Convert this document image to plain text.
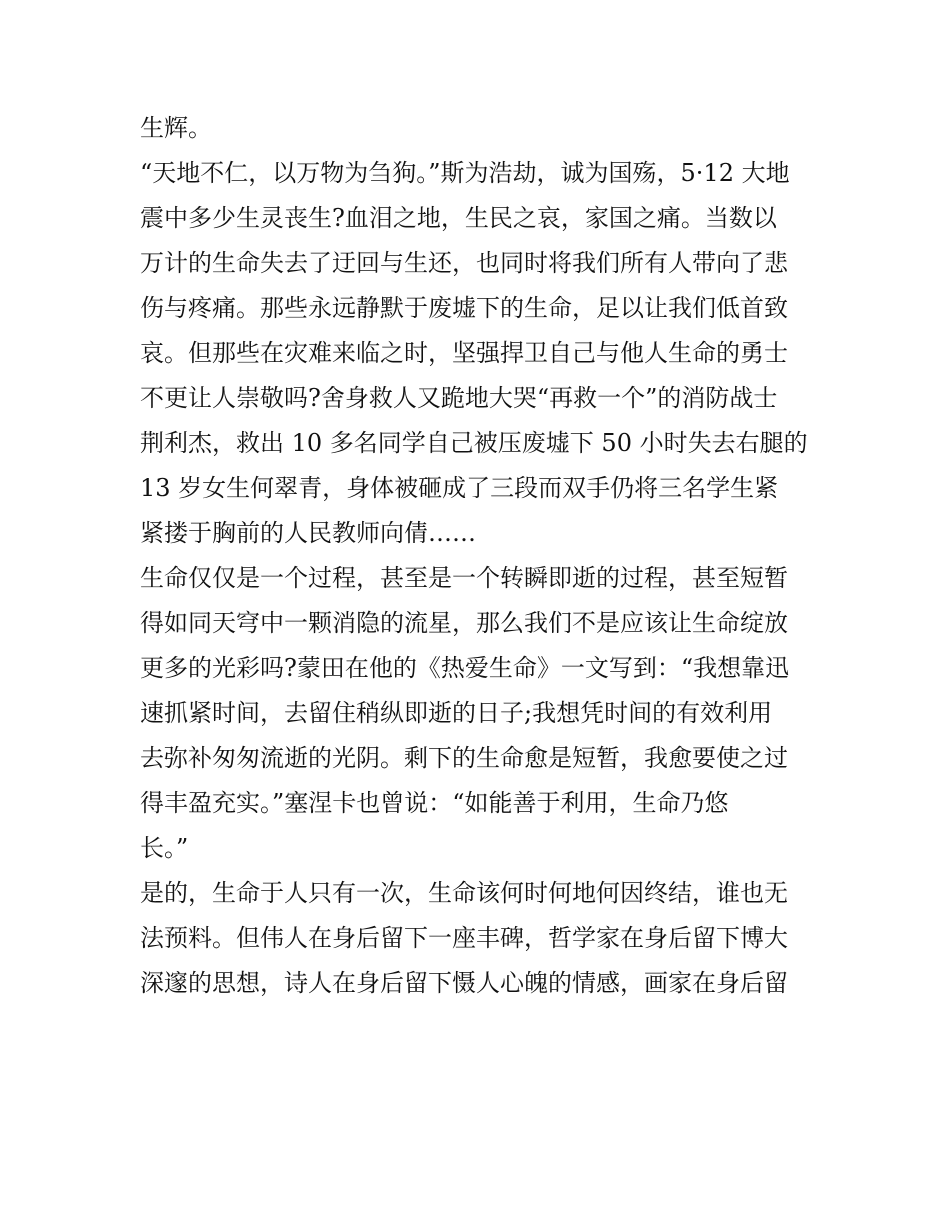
生辉。
“天地不仁，以万物为刍狗。”斯为浩劫，诚为国殇，5·12 大地
震中多少生灵丧生?血泪之地，生民之哀，家国之痛。当数以
万计的生命失去了迂回与生还，也同时将我们所有人带向了悲
伤与疼痛。那些永远静默于废墟下的生命，足以让我们低首致
哀。但那些在灾难来临之时，坚强捍卫自己与他人生命的勇士
不更让人崇敬吗?舍身救人又跪地大哭“再救一个”的消防战士
荆利杰，救出 10 多名同学自己被压废墟下 50 小时失去右腿的
13 岁女生何翠青，身体被砸成了三段而双手仍将三名学生紧
紧搂于胸前的人民教师向倩……
生命仅仅是一个过程，甚至是一个转瞬即逝的过程，甚至短暂
得如同天穹中一颗消隐的流星，那么我们不是应该让生命绽放
更多的光彩吗?蒙田在他的《热爱生命》一文写到：“我想靠迅
速抓紧时间，去留住稍纵即逝的日子;我想凭时间的有效利用
去弥补匆匆流逝的光阴。剩下的生命愈是短暂，我愈要使之过
得丰盈充实。”塞涅卡也曾说：“如能善于利用，生命乃悠
长。”
是的，生命于人只有一次，生命该何时何地何因终结，谁也无
法预料。但伟人在身后留下一座丰碑，哲学家在身后留下博大
深邃的思想，诗人在身后留下慑人心魄的情感，画家在身后留
